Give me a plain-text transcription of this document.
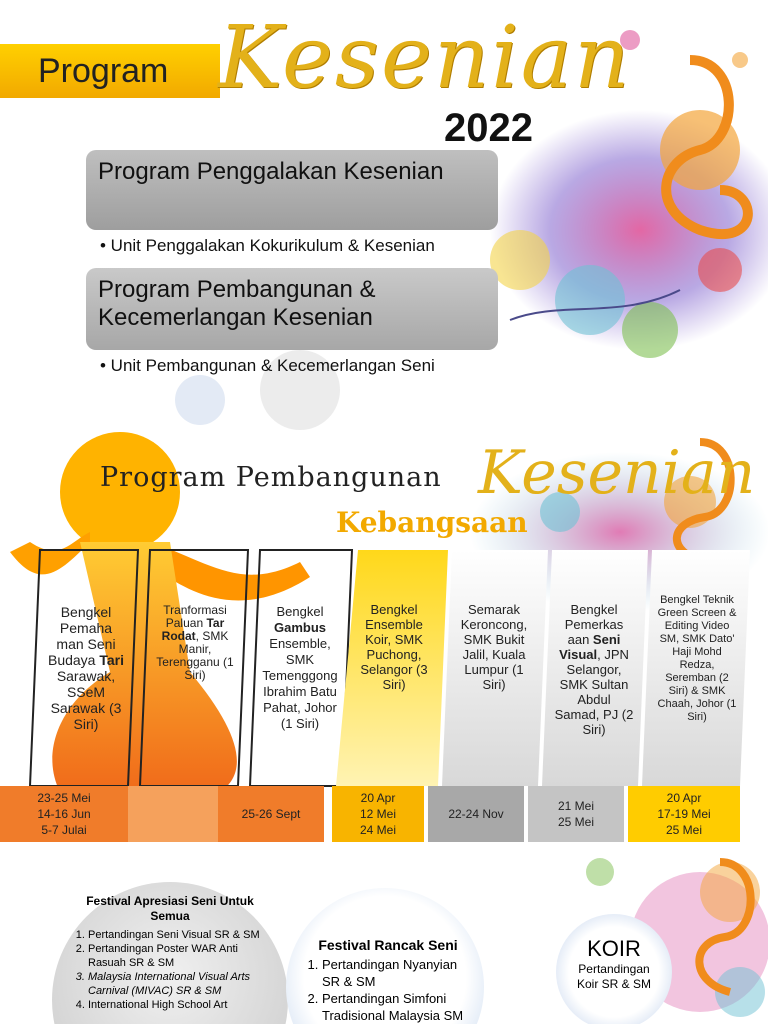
Program Kesenian
2022
Program Penggalakan Kesenian
• Unit Penggalakan Kokurikulum & Kesenian
Program Pembangunan & Kecemerlangan Kesenian
• Unit Pembangunan & Kecemerlangan Seni
Program Pembangunan Kesenian
Kebangsaan
Bengkel Pemaha man Seni Budaya Tari Sarawak, SSeM Sarawak (3 Siri)
Tranformasi Paluan Tar Rodat, SMK Manir, Terengganu (1 Siri)
Bengkel Gambus Ensemble, SMK Temenggong Ibrahim Batu Pahat, Johor (1 Siri)
Bengkel Ensemble Koir, SMK Puchong, Selangor (3 Siri)
Semarak Keroncong, SMK Bukit Jalil, Kuala Lumpur (1 Siri)
Bengkel Pemerkas aan Seni Visual, JPN Selangor, SMK Sultan Abdul Samad, PJ (2 Siri)
Bengkel Teknik Green Screen & Editing Video SM, SMK Dato' Haji Mohd Redza, Seremban (2 Siri) & SMK Chaah, Johor (1 Siri)
23-25 Mei
14-16 Jun
5-7 Julai
25-26 Sept
20 Apr
12 Mei
24 Mei
22-24 Nov
21 Mei
25 Mei
20 Apr
17-19 Mei
25 Mei
Festival Apresiasi Seni Untuk Semua
1. Pertandingan Seni Visual SR & SM
2. Pertandingan Poster WAR Anti Rasuah SR & SM
3. Malaysia International Visual Arts Carnival (MIVAC) SR & SM
4. International High School Art
Festival Rancak Seni
1. Pertandingan Nyanyian SR & SM
2. Pertandingan Simfoni Tradisional Malaysia SM
KOIR
Pertandingan Koir SR & SM
